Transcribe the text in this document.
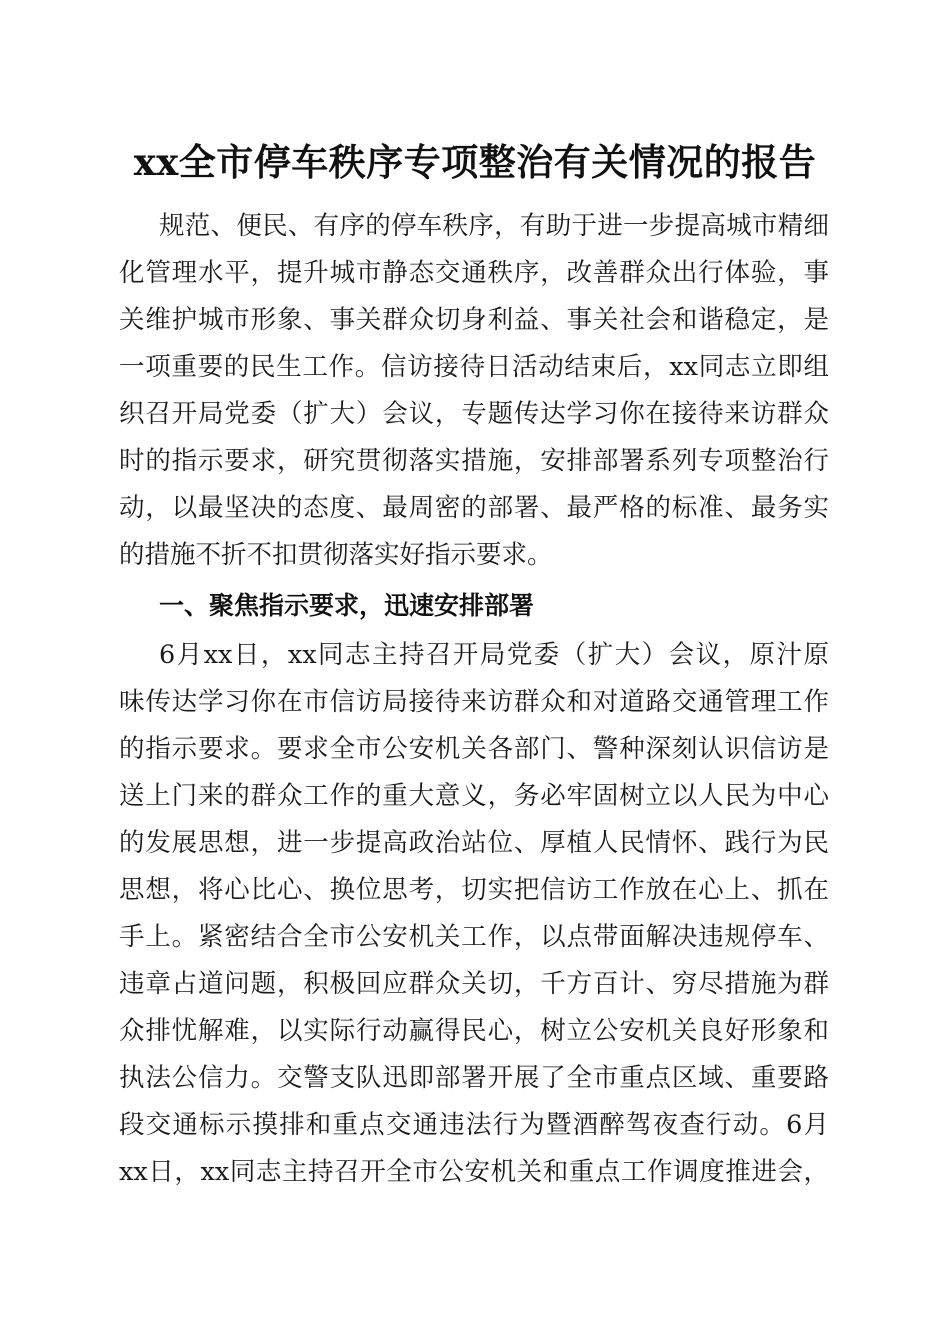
xx全市停车秩序专项整治有关情况的报告
规范、便民、有序的停车秩序，有助于进一步提高城市精细
化管理水平，提升城市静态交通秩序，改善群众出行体验，事
关维护城市形象、事关群众切身利益、事关社会和谐稳定，是
一项重要的民生工作。信访接待日活动结束后，xx同志立即组
织召开局党委（扩大）会议，专题传达学习你在接待来访群众
时的指示要求，研究贯彻落实措施，安排部署系列专项整治行
动，以最坚决的态度、最周密的部署、最严格的标准、最务实
的措施不折不扣贯彻落实好指示要求。
一、聚焦指示要求，迅速安排部署
6月xx日，xx同志主持召开局党委（扩大）会议，原汁原
味传达学习你在市信访局接待来访群众和对道路交通管理工作
的指示要求。要求全市公安机关各部门、警种深刻认识信访是
送上门来的群众工作的重大意义，务必牢固树立以人民为中心
的发展思想，进一步提高政治站位、厚植人民情怀、践行为民
思想，将心比心、换位思考，切实把信访工作放在心上、抓在
手上。紧密结合全市公安机关工作，以点带面解决违规停车、
违章占道问题，积极回应群众关切，千方百计、穷尽措施为群
众排忧解难，以实际行动赢得民心，树立公安机关良好形象和
执法公信力。交警支队迅即部署开展了全市重点区域、重要路
段交通标示摸排和重点交通违法行为暨酒醉驾夜查行动。6月
xx日，xx同志主持召开全市公安机关和重点工作调度推进会，
